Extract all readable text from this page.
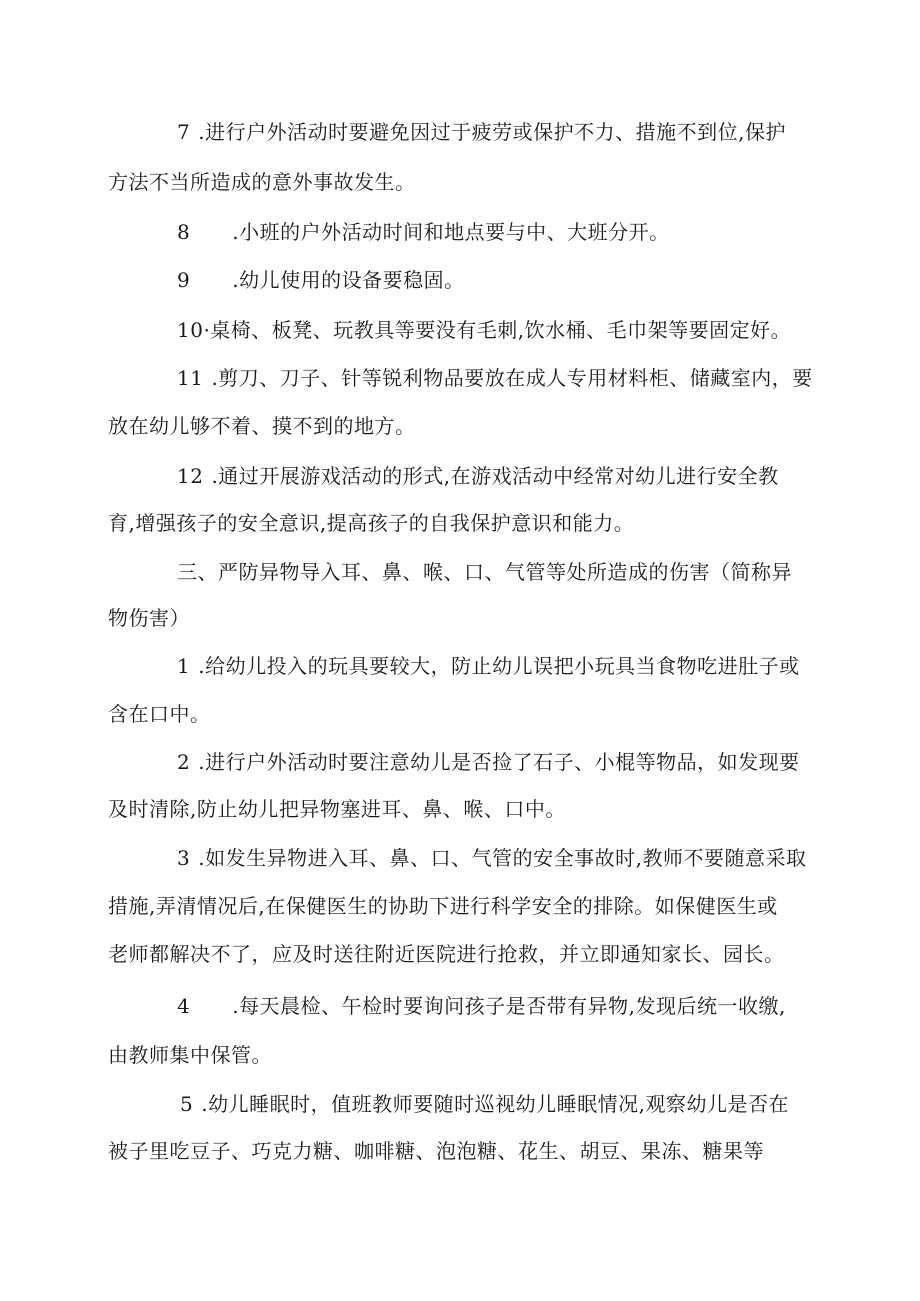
7 .进行户外活动时要避免因过于疲劳或保护不力、措施不到位,保护
方法不当所造成的意外事故发生。
8 .小班的户外活动时间和地点要与中、大班分开。
9 .幼儿使用的设备要稳固。
10·桌椅、板凳、玩教具等要没有毛刺,饮水桶、毛巾架等要固定好。
11 .剪刀、刀子、针等锐利物品要放在成人专用材料柜、储藏室内，要
放在幼儿够不着、摸不到的地方。
12 .通过开展游戏活动的形式,在游戏活动中经常对幼儿进行安全教
育,增强孩子的安全意识,提高孩子的自我保护意识和能力。
三、严防异物导入耳、鼻、喉、口、气管等处所造成的伤害（简称异
物伤害）
1 .给幼儿投入的玩具要较大，防止幼儿误把小玩具当食物吃进肚子或
含在口中。
2 .进行户外活动时要注意幼儿是否捡了石子、小棍等物品，如发现要
及时清除,防止幼儿把异物塞进耳、鼻、喉、口中。
3 .如发生异物进入耳、鼻、口、气管的安全事故时,教师不要随意采取
措施,弄清情况后,在保健医生的协助下进行科学安全的排除。如保健医生或
老师都解决不了，应及时送往附近医院进行抢救，并立即通知家长、园长。
4 .每天晨检、午检时要询问孩子是否带有异物,发现后统一收缴,
由教师集中保管。
5 .幼儿睡眠时，值班教师要随时巡视幼儿睡眠情况,观察幼儿是否在
被子里吃豆子、巧克力糖、咖啡糖、泡泡糖、花生、胡豆、果冻、糖果等
